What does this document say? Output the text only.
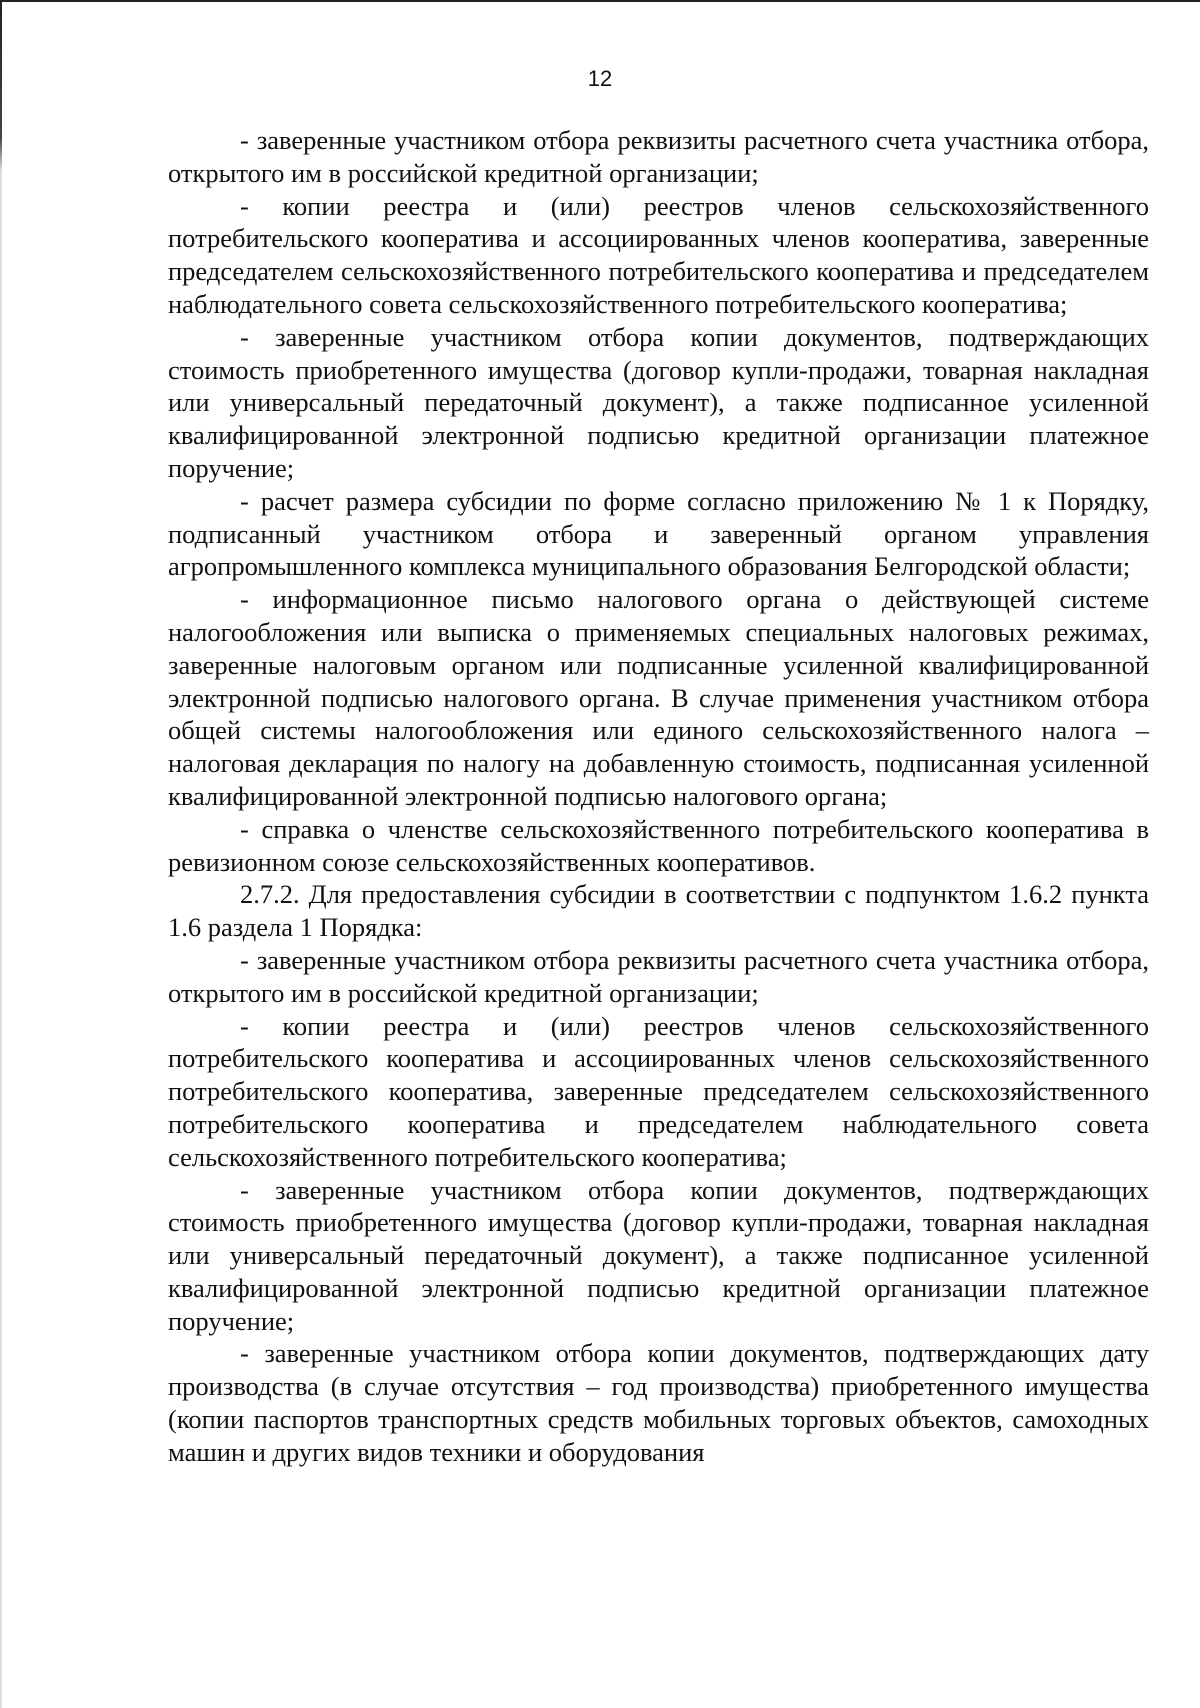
12

- заверенные участником отбора реквизиты расчетного счета участника отбора, открытого им в российской кредитной организации;

- копии реестра и (или) реестров членов сельскохозяйственного потребительского кооператива и ассоциированных членов кооператива, заверенные председателем сельскохозяйственного потребительского кооператива и председателем наблюдательного совета сельскохозяйственного потребительского кооператива;

- заверенные участником отбора копии документов, подтверждающих стоимость приобретенного имущества (договор купли-продажи, товарная накладная или универсальный передаточный документ), а также подписанное усиленной квалифицированной электронной подписью кредитной организации платежное поручение;

- расчет размера субсидии по форме согласно приложению № 1 к Порядку, подписанный участником отбора и заверенный органом управления агропромышленного комплекса муниципального образования Белгородской области;

- информационное письмо налогового органа о действующей системе налогообложения или выписка о применяемых специальных налоговых режимах, заверенные налоговым органом или подписанные усиленной квалифицированной электронной подписью налогового органа. В случае применения участником отбора общей системы налогообложения или единого сельскохозяйственного налога – налоговая декларация по налогу на добавленную стоимость, подписанная усиленной квалифицированной электронной подписью налогового органа;

- справка о членстве сельскохозяйственного потребительского кооператива в ревизионном союзе сельскохозяйственных кооперативов.

2.7.2. Для предоставления субсидии в соответствии с подпунктом 1.6.2 пункта 1.6 раздела 1 Порядка:

- заверенные участником отбора реквизиты расчетного счета участника отбора, открытого им в российской кредитной организации;

- копии реестра и (или) реестров членов сельскохозяйственного потребительского кооператива и ассоциированных членов сельскохозяйственного потребительского кооператива, заверенные председателем сельскохозяйственного потребительского кооператива и председателем наблюдательного совета сельскохозяйственного потребительского кооператива;

- заверенные участником отбора копии документов, подтверждающих стоимость приобретенного имущества (договор купли-продажи, товарная накладная или универсальный передаточный документ), а также подписанное усиленной квалифицированной электронной подписью кредитной организации платежное поручение;

- заверенные участником отбора копии документов, подтверждающих дату производства (в случае отсутствия – год производства) приобретенного имущества (копии паспортов транспортных средств мобильных торговых объектов, самоходных машин и других видов техники и оборудования
